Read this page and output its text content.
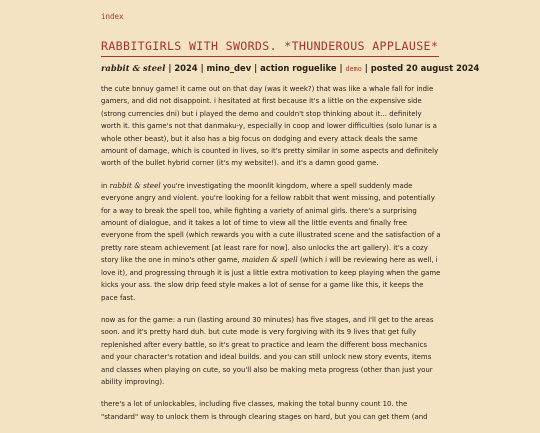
index
RABBITGIRLS WITH SWORDS. *THUNDEROUS APPLAUSE*
rabbit & steel | 2024 | mino_dev | action roguelike | demo | posted 20 august 2024

the cute bnnuy game! it came out on that day (was it week?) that was like a whale fall for indie gamers, and did not disappoint. i hesitated at first because it's a little on the expensive side (strong currencies dni) but i played the demo and couldn't stop thinking about it... definitely worth it. this game's not that danmaku-y, especially in coop and lower difficulties (solo lunar is a whole other beast), but it also has a big focus on dodging and every attack deals the same amount of damage, which is counted in lives, so it's pretty similar in some aspects and definitely worth of the bullet hybrid corner (it's my website!). and it's a damn good game.

in rabbit & steel you're investigating the moonlit kingdom, where a spell suddenly made everyone angry and violent. you're looking for a fellow rabbit that went missing, and potentially for a way to break the spell too, while fighting a variety of animal girls. there's a surprising amount of dialogue, and it takes a lot of time to view all the little events and finally free everyone from the spell (which rewards you with a cute illustrated scene and the satisfaction of a pretty rare steam achievement [at least rare for now]. also unlocks the art gallery). it's a cozy story like the one in mino's other game, maiden & spell (which i will be reviewing here as well, i love it), and progressing through it is just a little extra motivation to keep playing when the game kicks your ass. the slow drip feed style makes a lot of sense for a game like this, it keeps the pace fast.

now as for the game: a run (lasting around 30 minutes) has five stages, and i'll get to the areas soon. and it's pretty hard duh. but cute mode is very forgiving with its 9 lives that get fully replenished after every battle, so it's great to practice and learn the different boss mechanics and your character's rotation and ideal builds. and you can still unlock new story events, items and classes when playing on cute, so you'll also be making meta progress (other than just your ability improving).

there's a lot of unlockables, including five classes, making the total bunny count 10. the "standard" way to unlock them is through clearing stages on hard, but you can get them (and
